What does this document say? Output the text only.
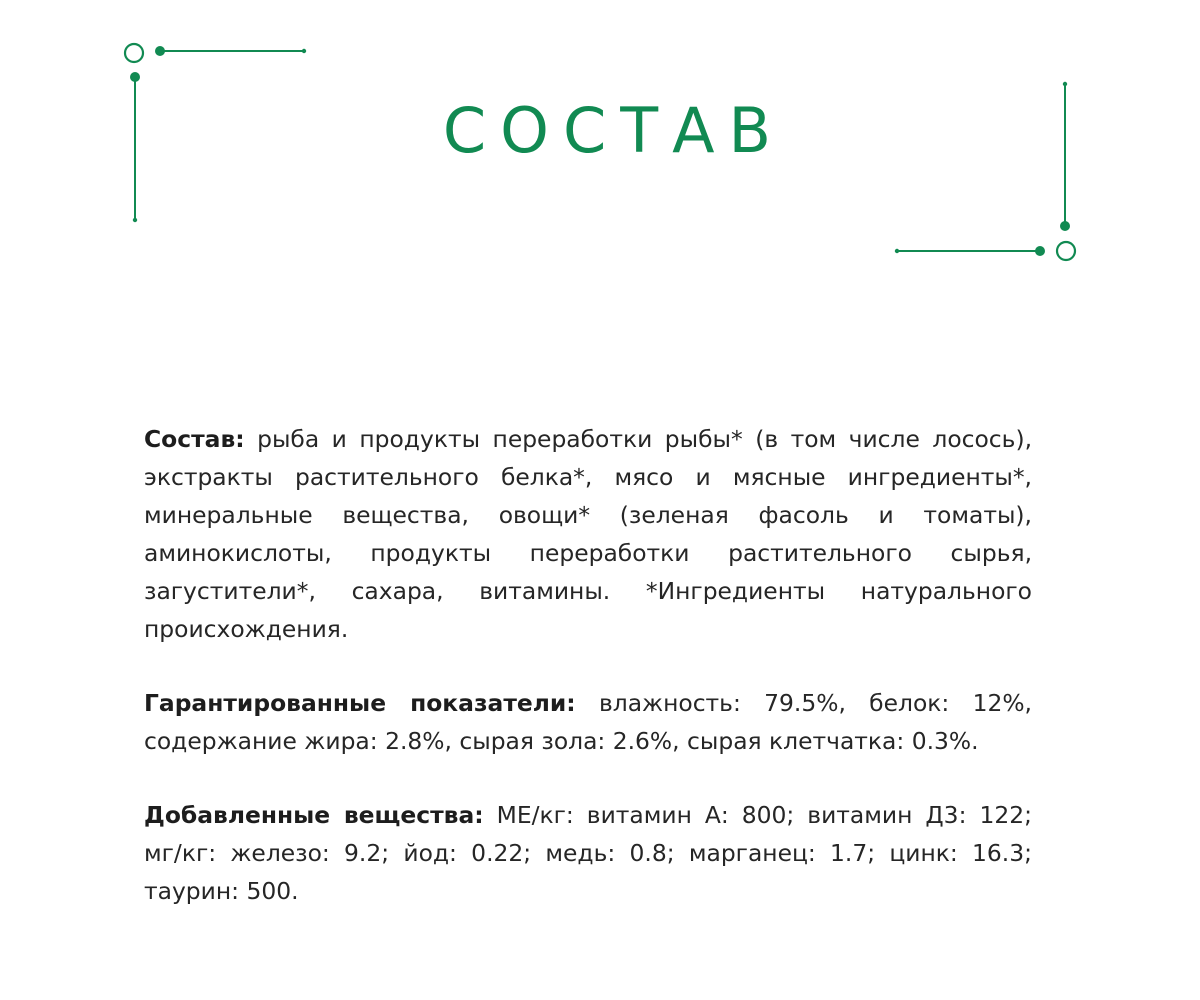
СОСТАВ

Состав: рыба и продукты переработки рыбы* (в том числе лосось), экстракты растительного белка*, мясо и мясные ингредиенты*, минеральные вещества, овощи* (зеленая фасоль и томаты), аминокислоты, продукты переработки растительного сырья, загустители*, сахара, витамины. *Ингредиенты натурального происхождения.

Гарантированные показатели: влажность: 79.5%, белок: 12%, содержание жира: 2.8%, сырая зола: 2.6%, сырая клетчатка: 0.3%.

Добавленные вещества: МЕ/кг: витамин А: 800; витамин Д3: 122; мг/кг: железо: 9.2; йод: 0.22; медь: 0.8; марганец: 1.7; цинк: 16.3; таурин: 500.
